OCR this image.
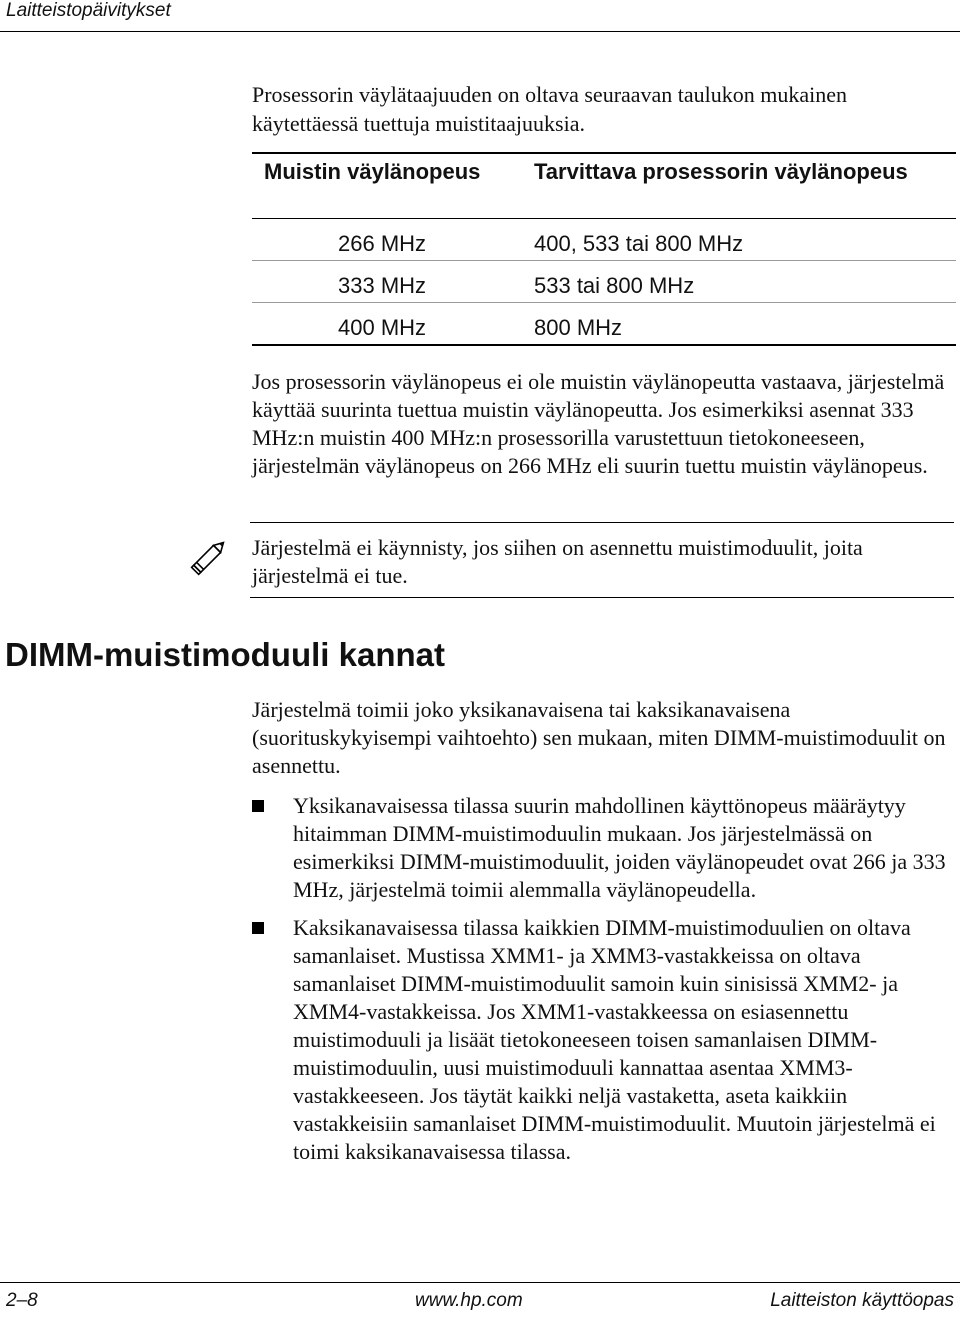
Laitteistopäivitykset
Prosessorin väylätaajuuden on oltava seuraavan taulukon mukainen käytettäessä tuettuja muistitaajuuksia.
Muistin väylänopeus	Tarvittava prosessorin väylänopeus
266 MHz	400, 533 tai 800 MHz
333 MHz	533 tai 800 MHz
400 MHz	800 MHz
Jos prosessorin väylänopeus ei ole muistin väylänopeutta vastaava, järjestelmä käyttää suurinta tuettua muistin väylänopeutta. Jos esimerkiksi asennat 333 MHz:n muistin 400 MHz:n prosessorilla varustettuun tietokoneeseen, järjestelmän väylänopeus on 266 MHz eli suurin tuettu muistin väylänopeus.
Järjestelmä ei käynnisty, jos siihen on asennettu muistimoduulit, joita järjestelmä ei tue.
DIMM-muistimoduuli kannat
Järjestelmä toimii joko yksikanavaisena tai kaksikanavaisena (suorituskykyisempi vaihtoehto) sen mukaan, miten DIMM-muistimoduulit on asennettu.
Yksikanavaisessa tilassa suurin mahdollinen käyttönopeus määräytyy hitaimman DIMM-muistimoduulin mukaan. Jos järjestelmässä on esimerkiksi DIMM-muistimoduulit, joiden väylänopeudet ovat 266 ja 333 MHz, järjestelmä toimii alemmalla väylänopeudella.
Kaksikanavaisessa tilassa kaikkien DIMM-muistimoduulien on oltava samanlaiset. Mustissa XMM1- ja XMM3-vastakkeissa on oltava samanlaiset DIMM-muistimoduulit samoin kuin sinisissä XMM2- ja XMM4-vastakkeissa. Jos XMM1-vastakkeessa on esiasennettu muistimoduuli ja lisäät tietokoneeseen toisen samanlaisen DIMM-muistimoduulin, uusi muistimoduuli kannattaa asentaa XMM3-vastakkeeseen. Jos täytät kaikki neljä vastaketta, aseta kaikkiin vastakkeisiin samanlaiset DIMM-muistimoduulit. Muutoin järjestelmä ei toimi kaksikanavaisessa tilassa.
2–8	www.hp.com	Laitteiston käyttöopas
